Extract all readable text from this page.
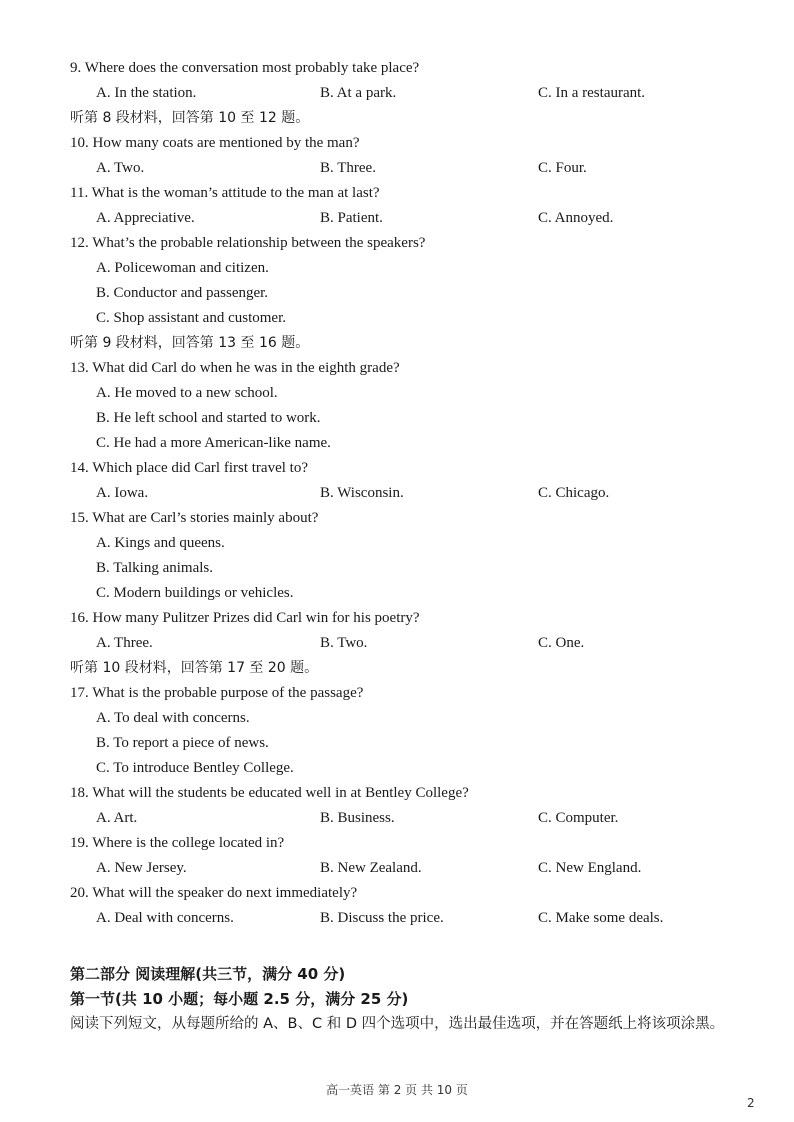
9. Where does the conversation most probably take place?
A. In the station.	B. At a park.	C. In a restaurant.
听第 8 段材料，回答第 10 至 12 题。
10. How many coats are mentioned by the man?
A. Two.	B. Three.	C. Four.
11. What is the woman’s attitude to the man at last?
A. Appreciative.	B. Patient.	C. Annoyed.
12. What’s the probable relationship between the speakers?
A. Policewoman and citizen.
B. Conductor and passenger.
C. Shop assistant and customer.
听第 9 段材料，回答第 13 至 16 题。
13. What did Carl do when he was in the eighth grade?
A. He moved to a new school.
B. He left school and started to work.
C. He had a more American-like name.
14. Which place did Carl first travel to?
A. Iowa.	B. Wisconsin.	C. Chicago.
15. What are Carl’s stories mainly about?
A. Kings and queens.
B. Talking animals.
C. Modern buildings or vehicles.
16. How many Pulitzer Prizes did Carl win for his poetry?
A. Three.	B. Two.	C. One.
听第 10 段材料，回答第 17 至 20 题。
17. What is the probable purpose of the passage?
A. To deal with concerns.
B. To report a piece of news.
C. To introduce Bentley College.
18. What will the students be educated well in at Bentley College?
A. Art.	B. Business.	C. Computer.
19. Where is the college located in?
A. New Jersey.	B. New Zealand.	C. New England.
20. What will the speaker do next immediately?
A. Deal with concerns.	B. Discuss the price.	C. Make some deals.
第二部分 阅读理解(共三节，满分 40 分)
第一节(共 10 小题；每小题 2.5 分，满分 25 分)
阅读下列短文，从每题所给的 A、B、C 和 D 四个选项中，选出最佳选项，并在答题纸上将该项涂黑。
高一英语 第 2 页 共 10 页
2
